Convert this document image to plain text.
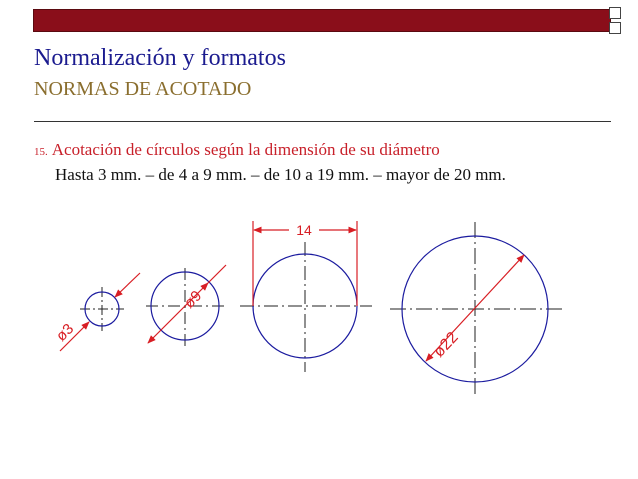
Normalización y formatos
NORMAS DE ACOTADO
15. Acotación de círculos según la dimensión de su diámetro
Hasta 3 mm. – de 4 a 9 mm. – de 10 a 19 mm. – mayor de 20 mm.
ø3
ø9
14
ø22
